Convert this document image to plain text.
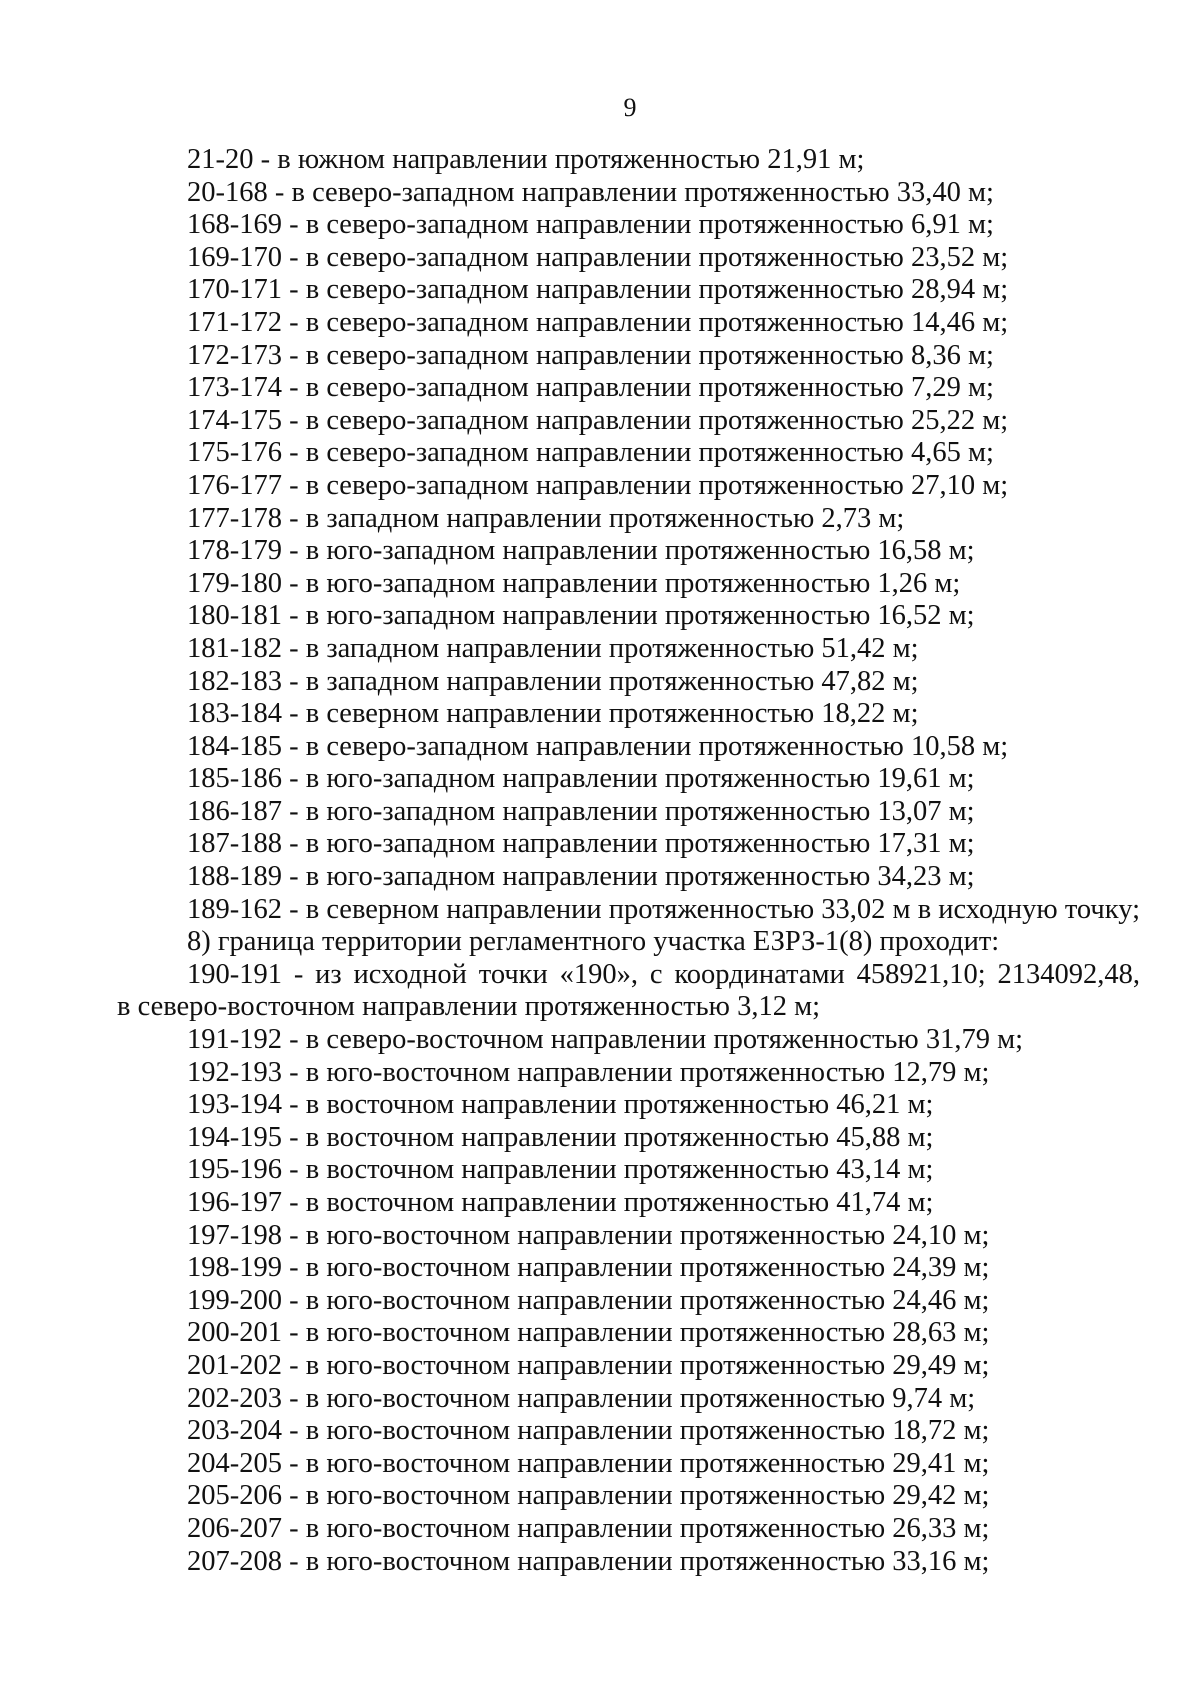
9
21-20 - в южном направлении протяженностью 21,91 м;
20-168 - в северо-западном направлении протяженностью 33,40 м;
168-169 - в северо-западном направлении протяженностью 6,91 м;
169-170 - в северо-западном направлении протяженностью 23,52 м;
170-171 - в северо-западном направлении протяженностью 28,94 м;
171-172 - в северо-западном направлении протяженностью 14,46 м;
172-173 - в северо-западном направлении протяженностью 8,36 м;
173-174 - в северо-западном направлении протяженностью 7,29 м;
174-175 - в северо-западном направлении протяженностью 25,22 м;
175-176 - в северо-западном направлении протяженностью 4,65 м;
176-177 - в северо-западном направлении протяженностью 27,10 м;
177-178 - в западном направлении протяженностью 2,73 м;
178-179 - в юго-западном направлении протяженностью 16,58 м;
179-180 - в юго-западном направлении протяженностью 1,26 м;
180-181 - в юго-западном направлении протяженностью 16,52 м;
181-182 - в западном направлении протяженностью 51,42 м;
182-183 - в западном направлении протяженностью 47,82 м;
183-184 - в северном направлении протяженностью 18,22 м;
184-185 - в северо-западном направлении протяженностью 10,58 м;
185-186 - в юго-западном направлении протяженностью 19,61 м;
186-187 - в юго-западном направлении протяженностью 13,07 м;
187-188 - в юго-западном направлении протяженностью 17,31 м;
188-189 - в юго-западном направлении протяженностью 34,23 м;
189-162 - в северном направлении протяженностью 33,02 м в исходную точку;
8) граница территории регламентного участка ЕЗРЗ-1(8) проходит:
190-191 - из исходной точки «190», с координатами 458921,10; 2134092,48,
в северо-восточном направлении протяженностью 3,12 м;
191-192 - в северо-восточном направлении протяженностью 31,79 м;
192-193 - в юго-восточном направлении протяженностью 12,79 м;
193-194 - в восточном направлении протяженностью 46,21 м;
194-195 - в восточном направлении протяженностью 45,88 м;
195-196 - в восточном направлении протяженностью 43,14 м;
196-197 - в восточном направлении протяженностью 41,74 м;
197-198 - в юго-восточном направлении протяженностью 24,10 м;
198-199 - в юго-восточном направлении протяженностью 24,39 м;
199-200 - в юго-восточном направлении протяженностью 24,46 м;
200-201 - в юго-восточном направлении протяженностью 28,63 м;
201-202 - в юго-восточном направлении протяженностью 29,49 м;
202-203 - в юго-восточном направлении протяженностью 9,74 м;
203-204 - в юго-восточном направлении протяженностью 18,72 м;
204-205 - в юго-восточном направлении протяженностью 29,41 м;
205-206 - в юго-восточном направлении протяженностью 29,42 м;
206-207 - в юго-восточном направлении протяженностью 26,33 м;
207-208 - в юго-восточном направлении протяженностью 33,16 м;
